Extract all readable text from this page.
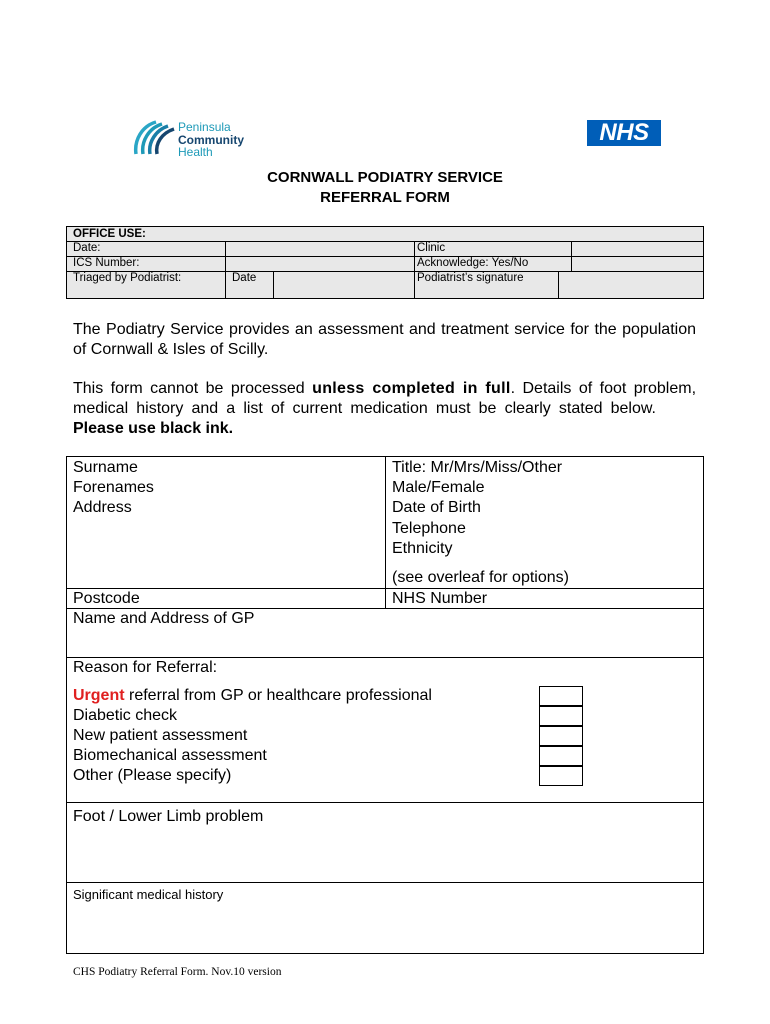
Peninsula
Community
Health
NHS
CORNWALL PODIATRY SERVICE
REFERRAL FORM
OFFICE USE:
Date:
ICS Number:
Triaged by Podiatrist:	Date
Clinic
Acknowledge: Yes/No
Podiatrist’s signature
The Podiatry Service provides an assessment and treatment service for the population of Cornwall & Isles of Scilly.
This form cannot be processed unless completed in full. Details of foot problem, medical history and a list of current medication must be clearly stated below.Please use black ink.
Surname
Forenames
Address
Postcode
Title: Mr/Mrs/Miss/Other
Male/Female
Date of Birth
Telephone
Ethnicity
(see overleaf for options)
NHS Number
Name and Address of GP
Reason for Referral:
Urgent referral from GP or healthcare professional
Diabetic check
New patient assessment
Biomechanical assessment
Other (Please specify)
Foot / Lower Limb problem
Significant medical history
CHS Podiatry Referral Form. Nov.10 version
